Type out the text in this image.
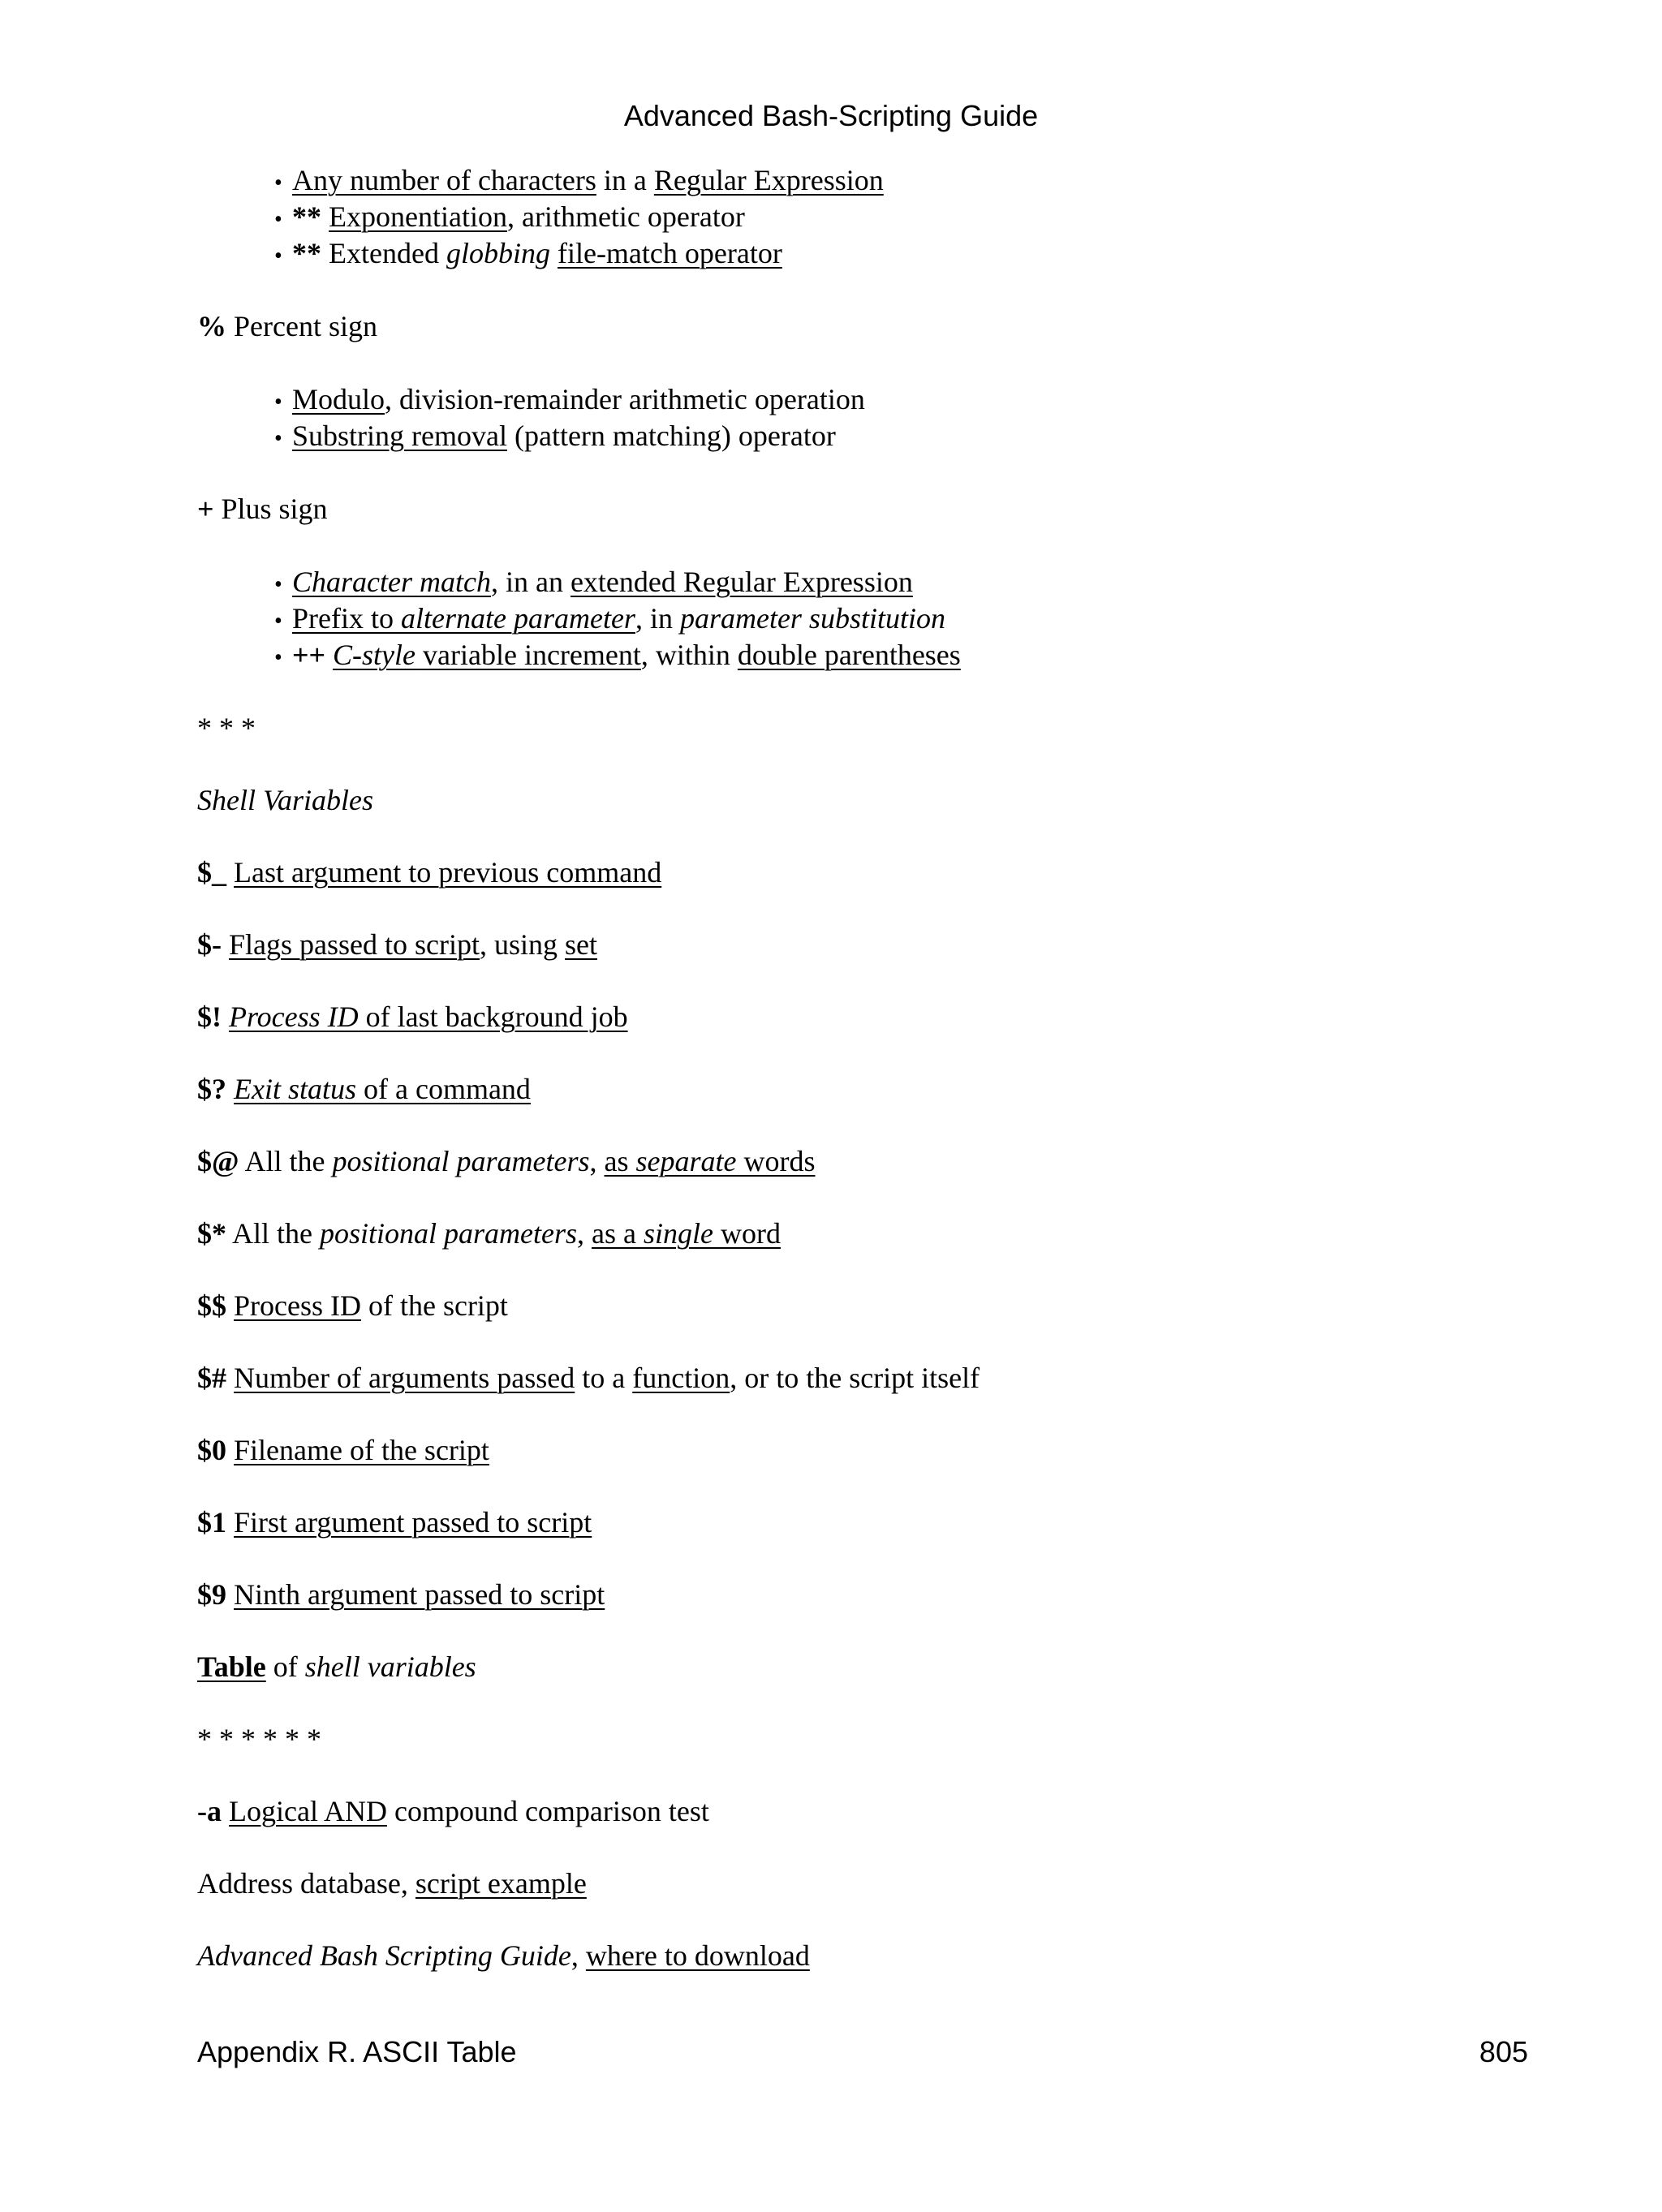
Advanced Bash-Scripting Guide
• Any number of characters in a Regular Expression
• ** Exponentiation, arithmetic operator
• ** Extended globbing file-match operator
% Percent sign
• Modulo, division-remainder arithmetic operation
• Substring removal (pattern matching) operator
+ Plus sign
• Character match, in an extended Regular Expression
• Prefix to alternate parameter, in parameter substitution
• ++ C-style variable increment, within double parentheses
* * *
Shell Variables
$_ Last argument to previous command
$- Flags passed to script, using set
$! Process ID of last background job
$? Exit status of a command
$@ All the positional parameters, as separate words
$* All the positional parameters, as a single word
$$ Process ID of the script
$# Number of arguments passed to a function, or to the script itself
$0 Filename of the script
$1 First argument passed to script
$9 Ninth argument passed to script
Table of shell variables
* * * * * *
-a Logical AND compound comparison test
Address database, script example
Advanced Bash Scripting Guide, where to download
Appendix R. ASCII Table	805
